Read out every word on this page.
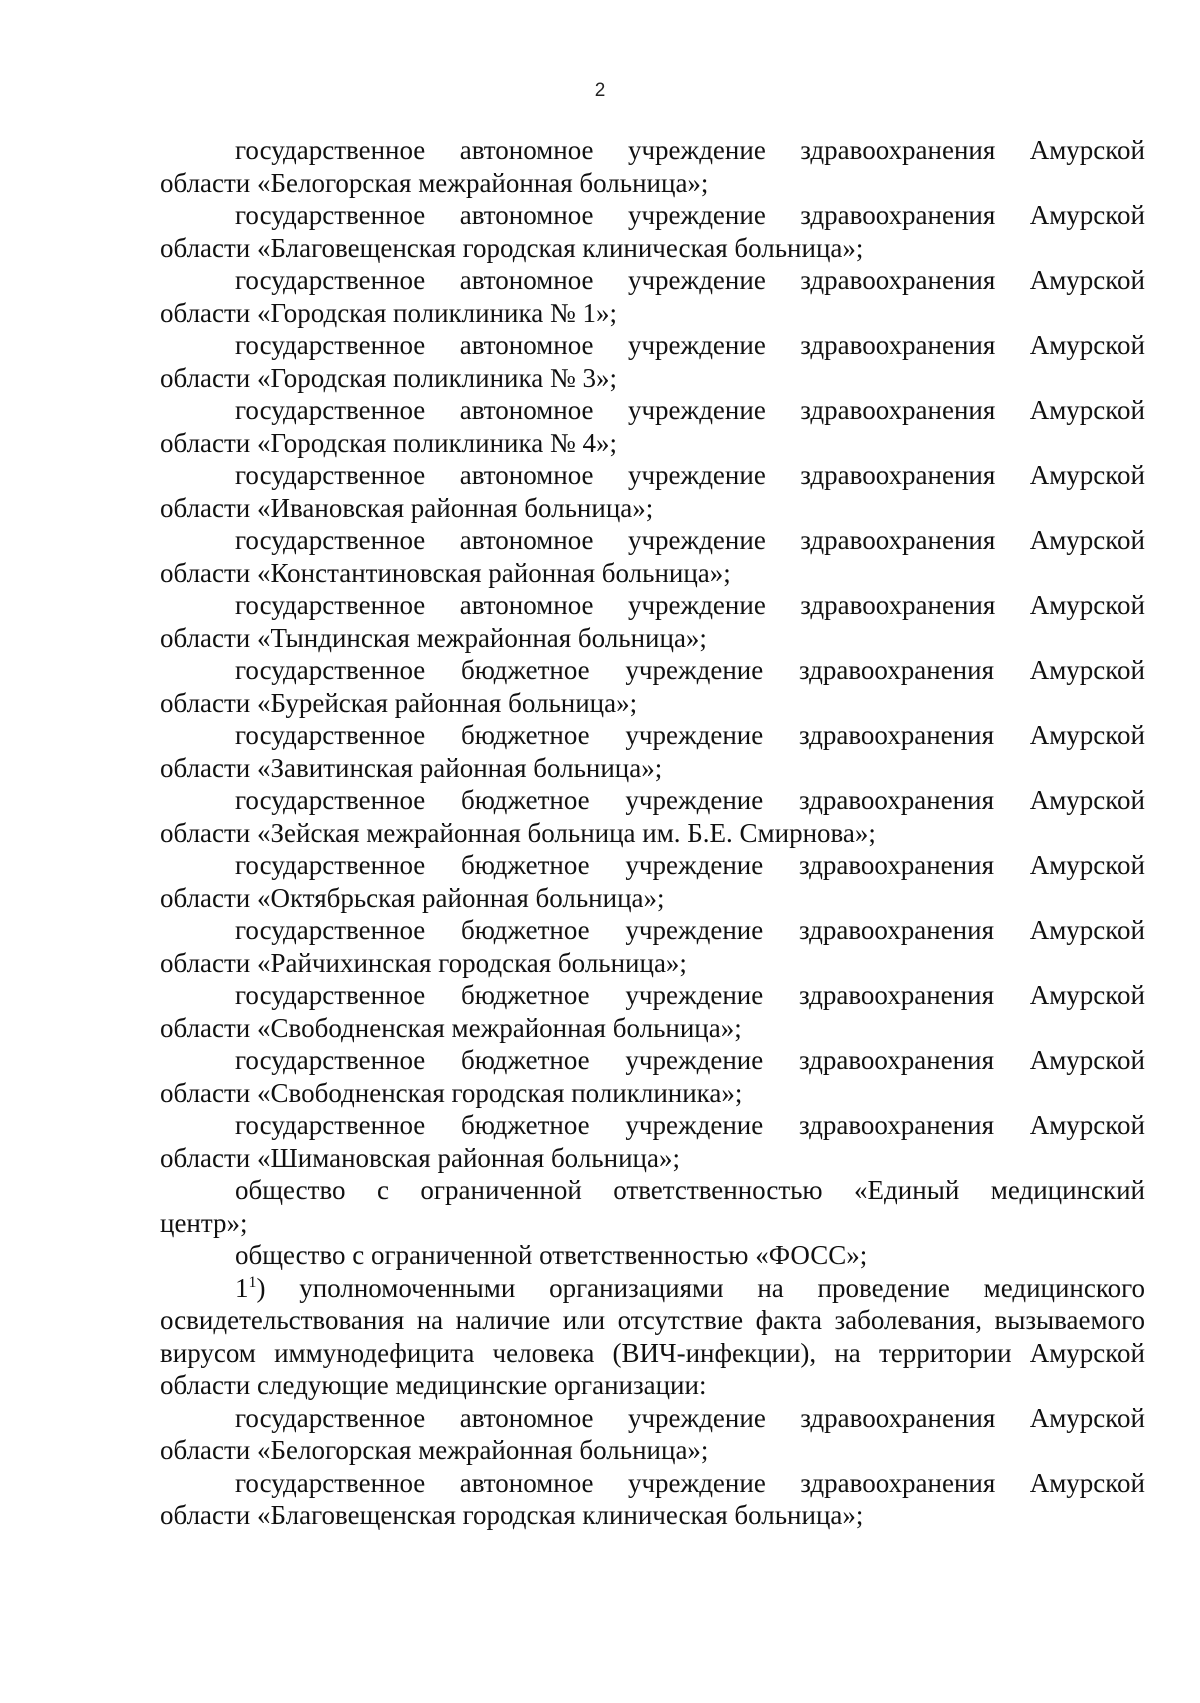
2

государственное автономное учреждение здравоохранения Амурской
области «Белогорская межрайонная больница»;

государственное автономное учреждение здравоохранения Амурской
области «Благовещенская городская клиническая больница»;

государственное автономное учреждение здравоохранения Амурской
области «Городская поликлиника № 1»;

государственное автономное учреждение здравоохранения Амурской
области «Городская поликлиника № 3»;

государственное автономное учреждение здравоохранения Амурской
области «Городская поликлиника № 4»;

государственное автономное учреждение здравоохранения Амурской
области «Ивановская районная больница»;

государственное автономное учреждение здравоохранения Амурской
области «Константиновская районная больница»;

государственное автономное учреждение здравоохранения Амурской
области «Тындинская межрайонная больница»;

государственное бюджетное учреждение здравоохранения Амурской
области «Бурейская районная больница»;

государственное бюджетное учреждение здравоохранения Амурской
области «Завитинская районная больница»;

государственное бюджетное учреждение здравоохранения Амурской
области «Зейская межрайонная больница им. Б.Е. Смирнова»;

государственное бюджетное учреждение здравоохранения Амурской
области «Октябрьская районная больница»;

государственное бюджетное учреждение здравоохранения Амурской
области «Райчихинская городская больница»;

государственное бюджетное учреждение здравоохранения Амурской
области «Свободненская межрайонная больница»;

государственное бюджетное учреждение здравоохранения Амурской
области «Свободненская городская поликлиника»;

государственное бюджетное учреждение здравоохранения Амурской
области «Шимановская районная больница»;

общество с ограниченной ответственностью «Единый медицинский
центр»;

общество с ограниченной ответственностью «ФОСС»;

$1^1$) уполномоченными организациями на проведение медицинского освидетельствования на наличие или отсутствие факта заболевания, вызываемого вирусом иммунодефицита человека (ВИЧ-инфекции), на территории Амурской области следующие медицинские организации:

государственное автономное учреждение здравоохранения Амурской
области «Белогорская межрайонная больница»;

государственное автономное учреждение здравоохранения Амурской
области «Благовещенская городская клиническая больница»;
